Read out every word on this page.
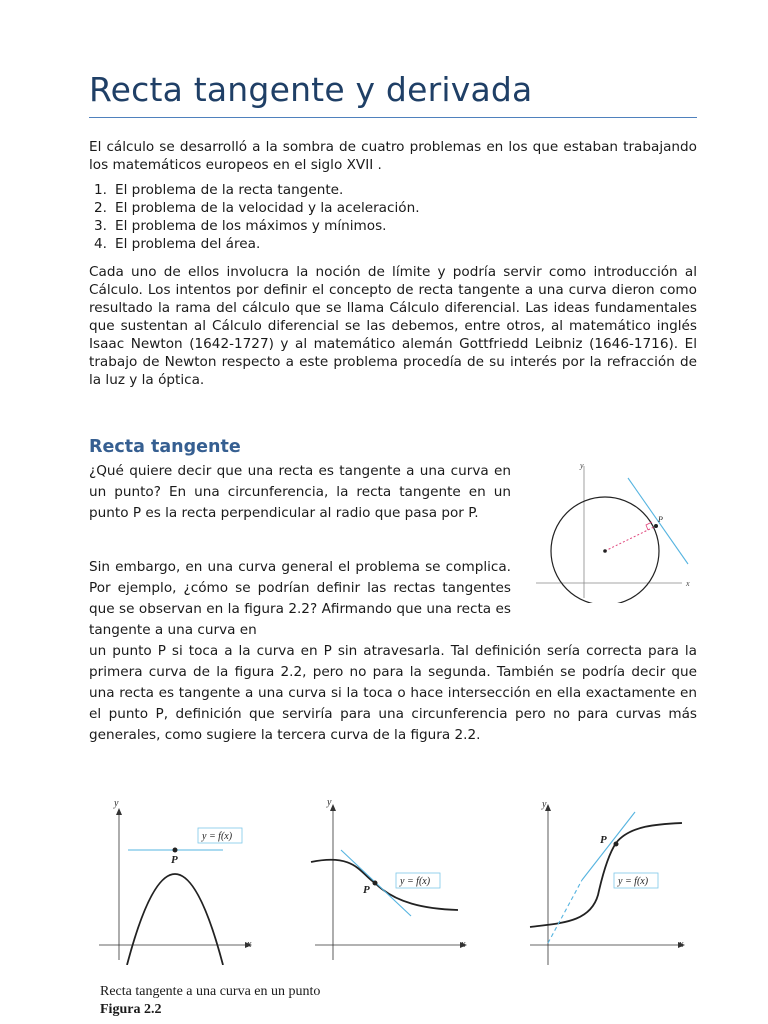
Recta tangente y derivada

El cálculo se desarrolló a la sombra de cuatro problemas en los que estaban trabajando los matemáticos europeos en el siglo XVII .

1. El problema de la recta tangente.
2. El problema de la velocidad y la aceleración.
3. El problema de los máximos y mínimos.
4. El problema del área.

Cada uno de ellos involucra la noción de límite y podría servir como introducción al Cálculo. Los intentos por definir el concepto de recta tangente a una curva dieron como resultado la rama del cálculo que se llama Cálculo diferencial. Las ideas fundamentales que sustentan al Cálculo diferencial se las debemos, entre otros, al matemático inglés Isaac Newton (1642-1727) y al matemático alemán Gottfriedd Leibniz (1646-1716). El trabajo de Newton respecto a este problema procedía de su interés por la refracción de la luz y la óptica.

Recta tangente

¿Qué quiere decir que una recta es tangente a una curva en un punto? En una circunferencia, la recta tangente en un punto P es la recta perpendicular al radio que pasa por P.

Sin embargo, en una curva general el problema se complica. Por ejemplo, ¿cómo se podrían definir las rectas tangentes que se observan en la figura 2.2? Afirmando que una recta es tangente a una curva en

un punto P si toca a la curva en P sin atravesarla. Tal definición sería correcta para la primera curva de la figura 2.2, pero no para la segunda. También se podría decir que una recta es tangente a una curva si la toca o hace intersección en ella exactamente en el punto P, definición que serviría para una circunferencia pero no para curvas más generales, como sugiere la tercera curva de la figura 2.2.

y
x
P
y
x
P
y = f(x)
y
x
P
y = f(x)
y
x
P
y = f(x)

Recta tangente a una curva en un punto

Figura 2.2
